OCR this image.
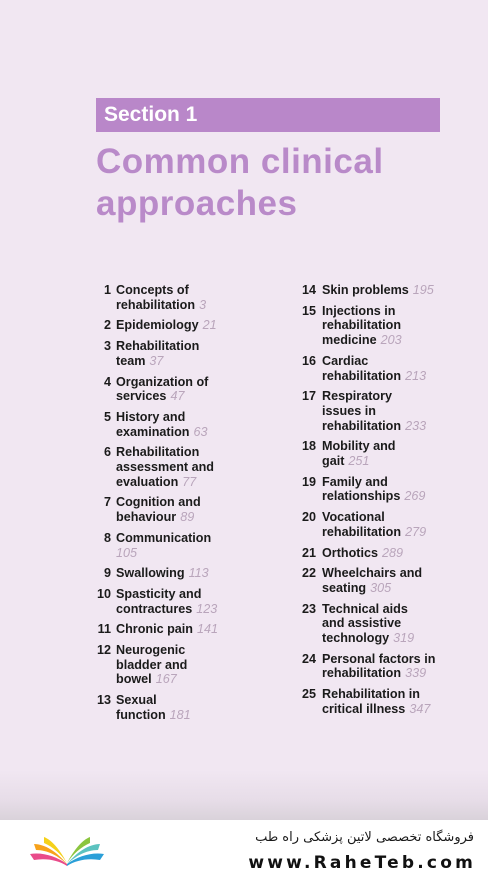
Section 1
Common clinical
approaches
1 Concepts of
rehabilitation 3
2 Epidemiology 21
3 Rehabilitation
team 37
4 Organization of
services 47
5 History and
examination 63
6 Rehabilitation
assessment and
evaluation 77
7 Cognition and
behaviour 89
8 Communication
105
9 Swallowing 113
10 Spasticity and
contractures 123
11 Chronic pain 141
12 Neurogenic
bladder and
bowel 167
13 Sexual
function 181
14 Skin problems 195
15 Injections in
rehabilitation
medicine 203
16 Cardiac
rehabilitation 213
17 Respiratory
issues in
rehabilitation 233
18 Mobility and
gait 251
19 Family and
relationships 269
20 Vocational
rehabilitation 279
21 Orthotics 289
22 Wheelchairs and
seating 305
23 Technical aids
and assistive
technology 319
24 Personal factors in
rehabilitation 339
25 Rehabilitation in
critical illness 347
فروشگاه تخصصی لاتین پزشکی راه طب
www.RaheTeb.com
